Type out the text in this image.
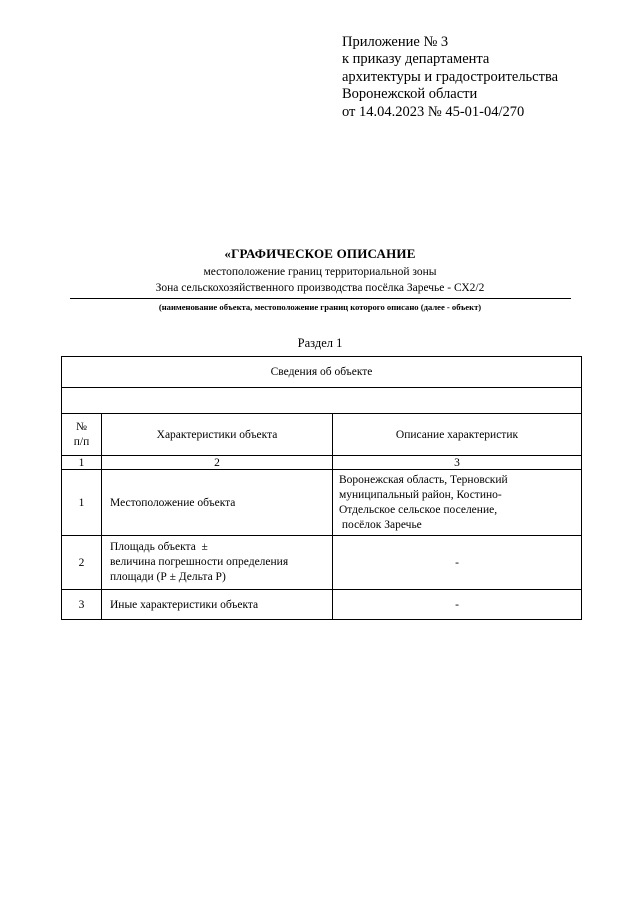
Приложение № 3
к приказу департамента
архитектуры и градостроительства
Воронежской области
от 14.04.2023 № 45-01-04/270
«ГРАФИЧЕСКОЕ ОПИСАНИЕ
местоположение границ территориальной зоны
Зона сельскохозяйственного производства посёлка Заречье - СХ2/2
(наименование объекта, местоположение границ которого описано (далее - объект)
Раздел 1
Сведения об объекте		

№
п/п	Характеристики объекта	Описание характеристик
1	2	3
1	Местоположение объекта	Воронежская область, Терновский
муниципальный район, Костино-
Отдельское сельское поселение,
посёлок Заречье

2	Площадь объекта  ±
величина погрешности определения
площади (Р ± Дельта Р)	-
3	Иные характеристики объекта	-
